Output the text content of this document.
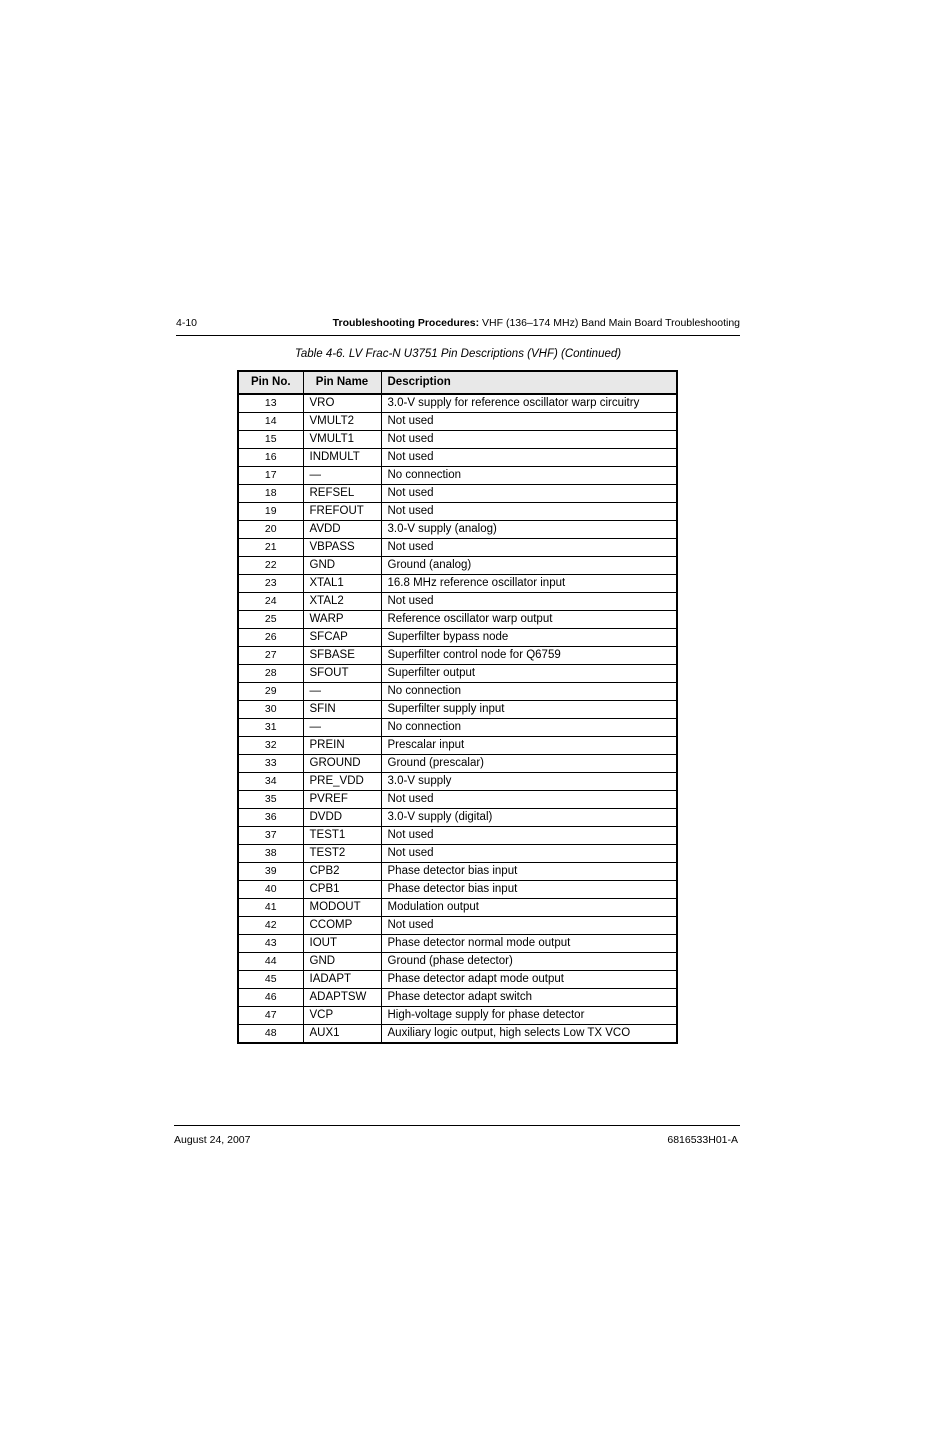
4-10	Troubleshooting Procedures: VHF (136–174 MHz) Band Main Board Troubleshooting
Table 4-6. LV Frac-N U3751 Pin Descriptions (VHF) (Continued)
Pin No.	Pin Name	Description
13	VRO	3.0-V supply for reference oscillator warp circuitry
14	VMULT2	Not used
15	VMULT1	Not used
16	INDMULT	Not used
17	—	No connection
18	REFSEL	Not used
19	FREFOUT	Not used
20	AVDD	3.0-V supply (analog)
21	VBPASS	Not used
22	GND	Ground (analog)
23	XTAL1	16.8 MHz reference oscillator input
24	XTAL2	Not used
25	WARP	Reference oscillator warp output
26	SFCAP	Superfilter bypass node
27	SFBASE	Superfilter control node for Q6759
28	SFOUT	Superfilter output
29	—	No connection
30	SFIN	Superfilter supply input
31	—	No connection
32	PREIN	Prescalar input
33	GROUND	Ground (prescalar)
34	PRE_VDD	3.0-V supply
35	PVREF	Not used
36	DVDD	3.0-V supply (digital)
37	TEST1	Not used
38	TEST2	Not used
39	CPB2	Phase detector bias input
40	CPB1	Phase detector bias input
41	MODOUT	Modulation output
42	CCOMP	Not used
43	IOUT	Phase detector normal mode output
44	GND	Ground (phase detector)
45	IADAPT	Phase detector adapt mode output
46	ADAPTSW	Phase detector adapt switch
47	VCP	High-voltage supply for phase detector
48	AUX1	Auxiliary logic output, high selects Low TX VCO
August 24, 2007	6816533H01-A
